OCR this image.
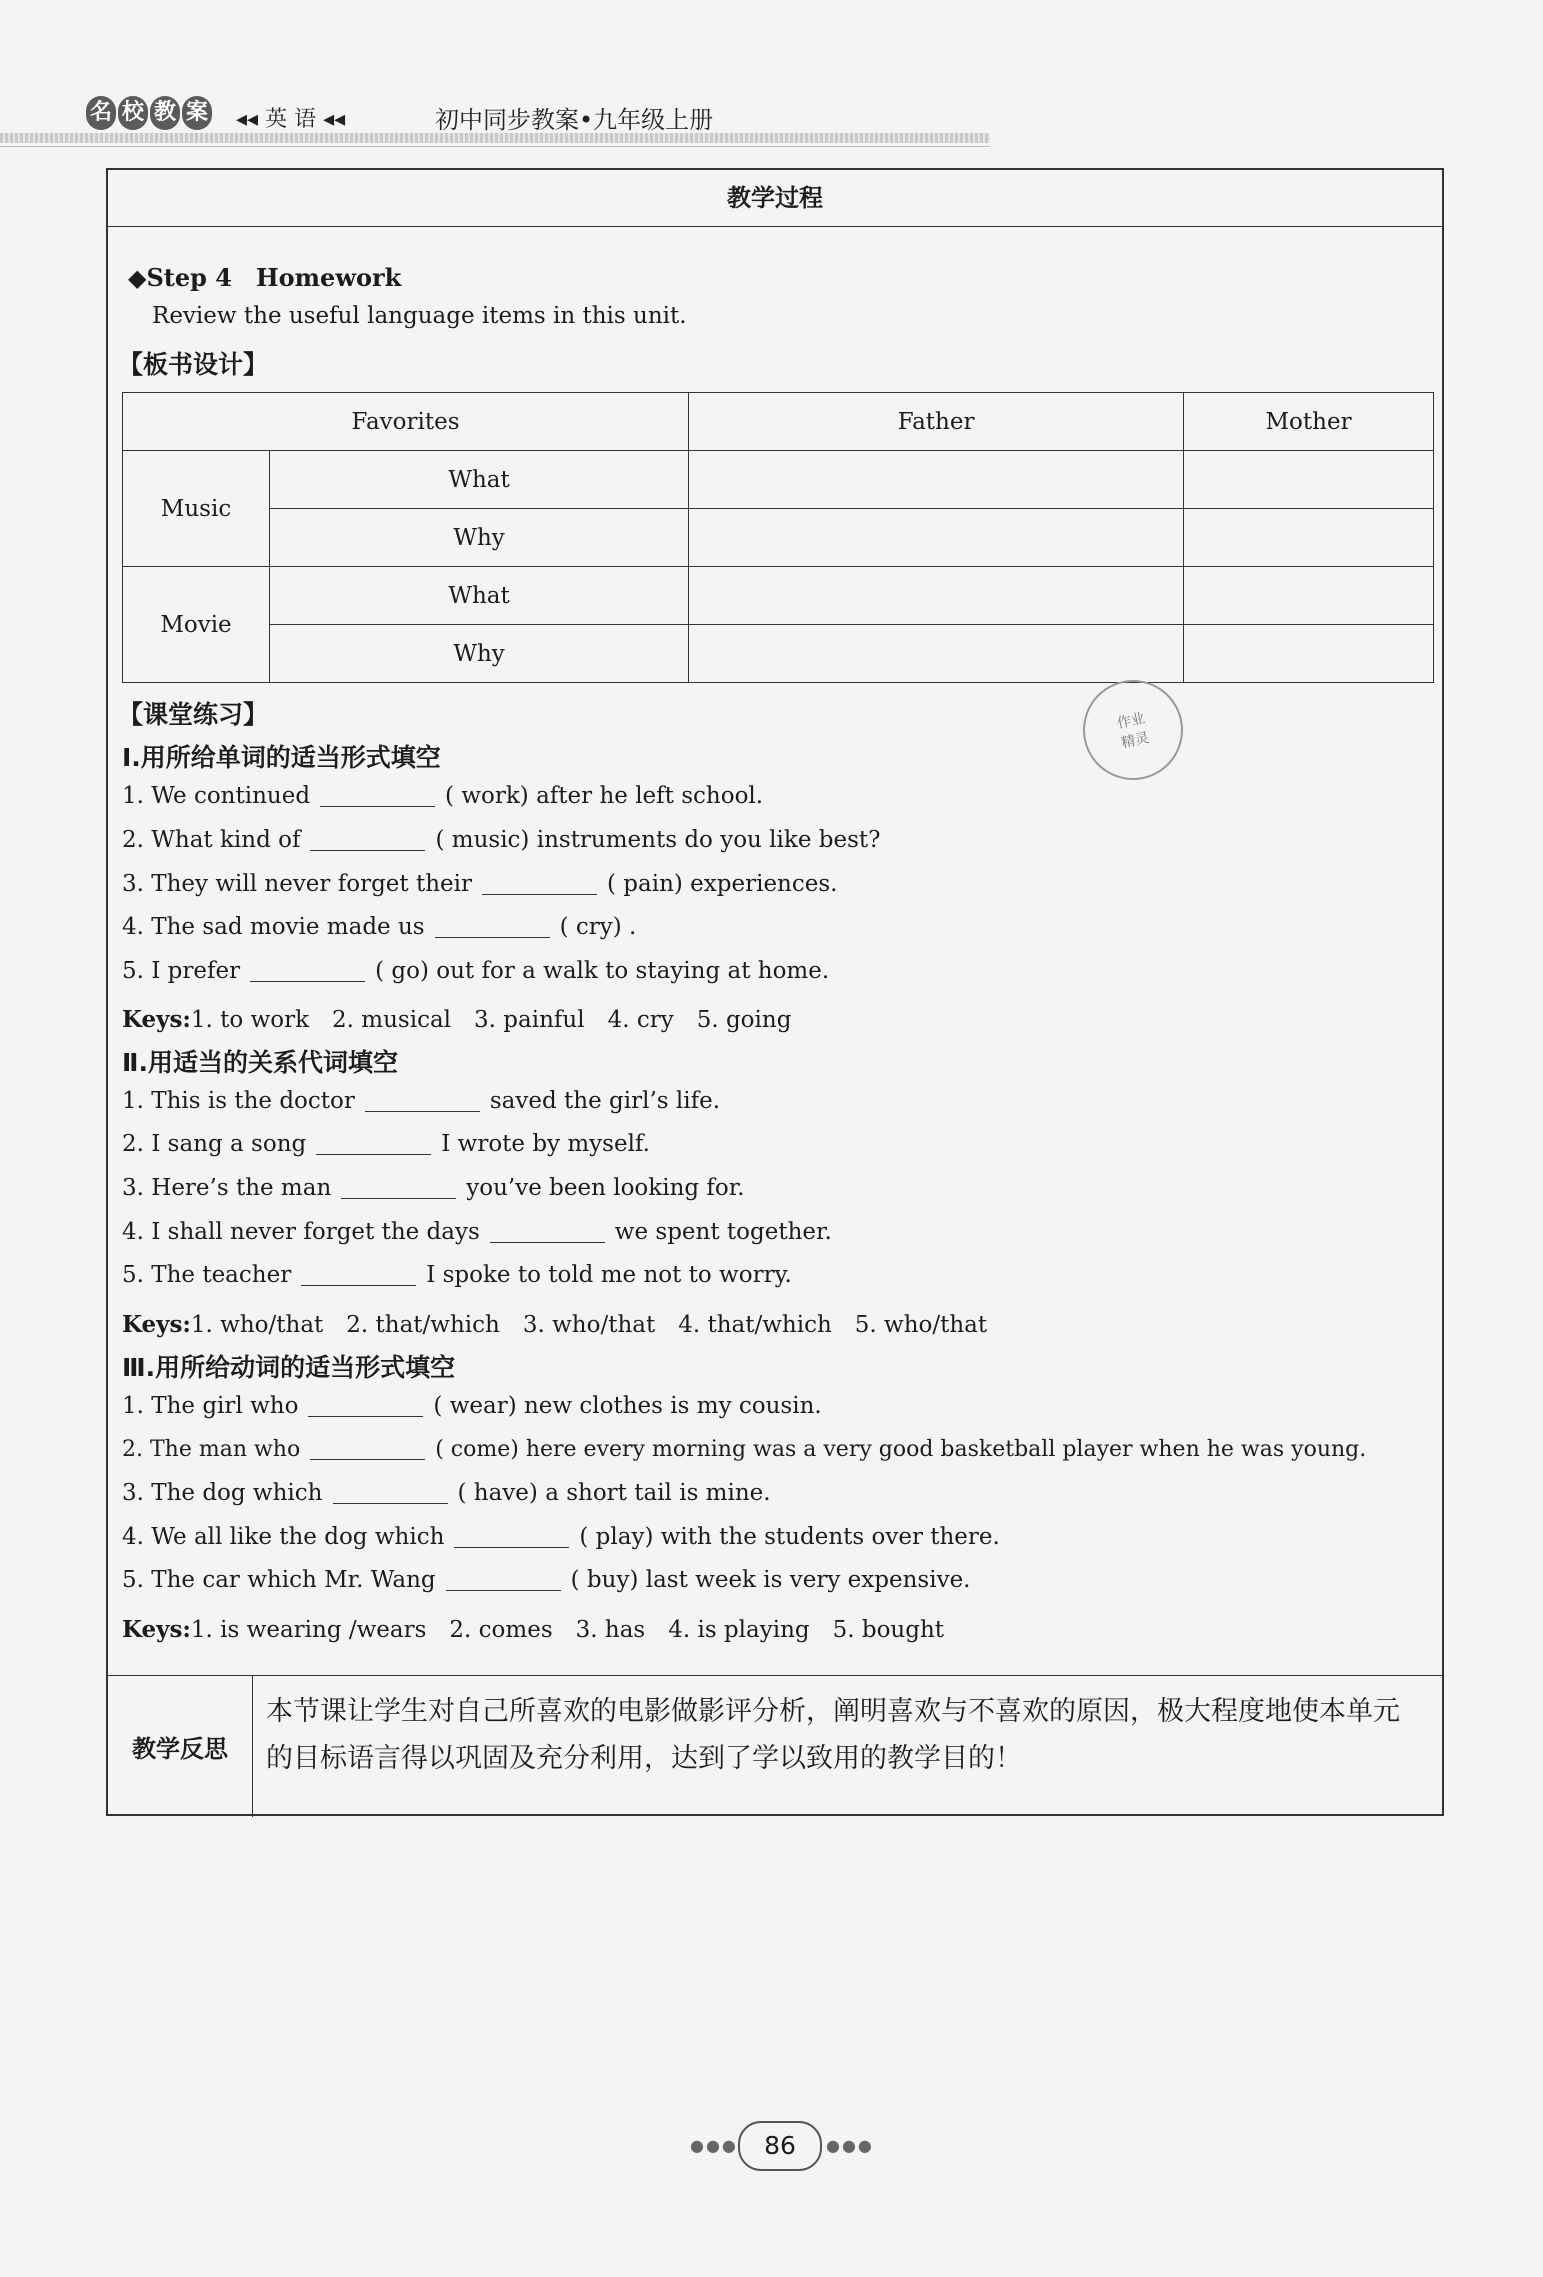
名 校 教 案 ◂◂ 英 语 ◂◂	初中同步教案•九年级上册
教学过程
教学反思
本节课让学生对自己所喜欢的电影做影评分析，阐明喜欢与不喜欢的原因，极大程度地使本单元的目标语言得以巩固及充分利用，达到了学以致用的教学目的！
◆Step 4　Homework
Review the useful language items in this unit.
【板书设计】
Favorites		Father	Mother
Music	What		
	Why		
Movie	What		
	Why		
【课堂练习】
Ⅰ.用所给单词的适当形式填空
1. We continued	( work) after he left school.
2. What kind of	( music) instruments do you like best?
3. They will never forget their	( pain) experiences.
4. The sad movie made us	( cry) .
5. I prefer	( go) out for a walk to staying at home.
Keys:1. to work　2. musical　3. painful　4. cry　5. going
Ⅱ.用适当的关系代词填空
1. This is the doctor	saved the girl’s life.
2. I sang a song	I wrote by myself.
3. Here’s the man	you’ve been looking for.
4. I shall never forget the days	we spent together.
5. The teacher	I spoke to told me not to worry.
Keys:1. who/that　2. that/which　3. who/that　4. that/which　5. who/that
Ⅲ.用所给动词的适当形式填空
1. The girl who	( wear) new clothes is my cousin.
2. The man who	( come) here every morning was a very good basketball player when he was young.
3. The dog which	( have) a short tail is mine.
4. We all like the dog which	( play) with the students over there.
5. The car which Mr. Wang	( buy) last week is very expensive.
Keys:1. is wearing /wears　2. comes　3. has　4. is playing　5. bought
作业
精灵
●●●	86	●●●
